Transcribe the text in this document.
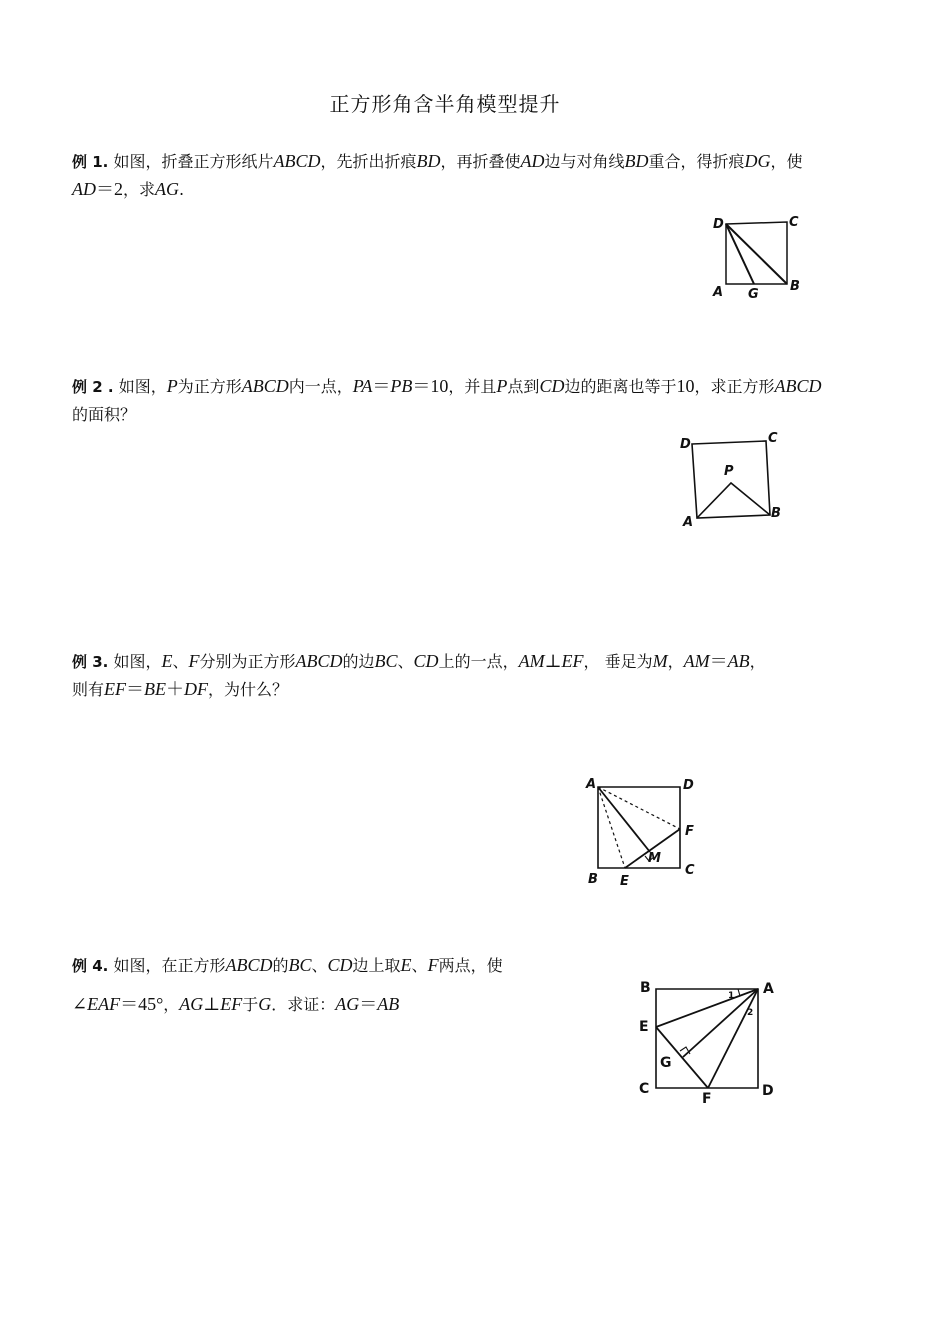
正方形角含半角模型提升
例 1. 如图，折叠正方形纸片ABCD，先折出折痕BD，再折叠使AD边与对角线BD重合，得折痕DG，使
AD＝2，求AG.
D	C
A G
B
例 2 . 如图，P为正方形ABCD内一点，PA＝PB＝10，并且P点到CD边的距离也等于10，求正方形ABCD
的面积？
D	C
P
A
B
例 3. 如图，E、F分别为正方形ABCD的边BC、CD上的一点，AM⊥EF， 垂足为M，AM＝AB，
则有EF＝BE＋DF，为什么？
A	D
F
M
B E
C
例 4. 如图，在正方形ABCD的BC、CD边上取E、F两点，使
∠EAF＝45°，AG⊥EF于G．求证：AG＝AB
B	A
E
G
C
F	D
1
2
